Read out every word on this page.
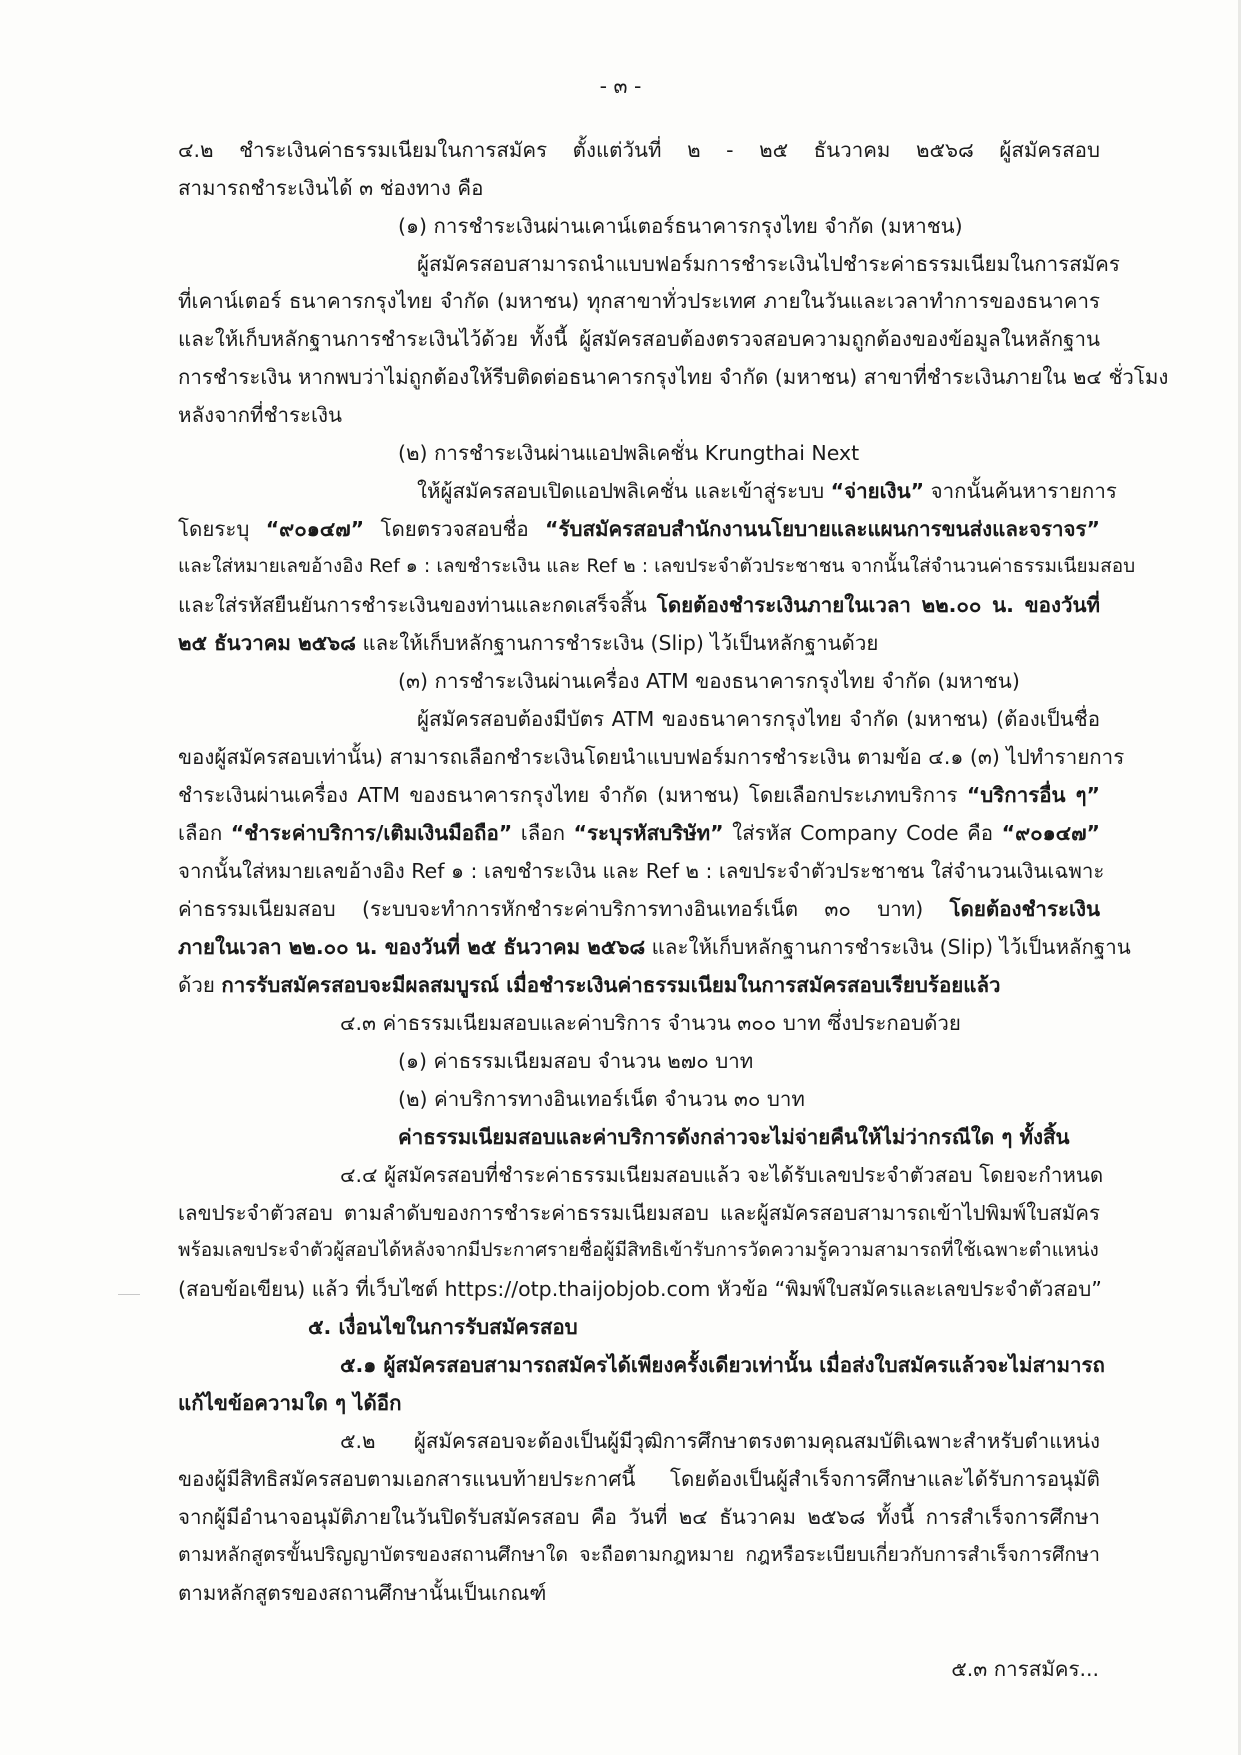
- ๓ -
๔.๒ ชำระเงินค่าธรรมเนียมในการสมัคร ตั้งแต่วันที่ ๒ - ๒๕ ธันวาคม ๒๕๖๘ ผู้สมัครสอบ
สามารถชำระเงินได้ ๓ ช่องทาง คือ
(๑) การชำระเงินผ่านเคาน์เตอร์ธนาคารกรุงไทย จำกัด (มหาชน)
ผู้สมัครสอบสามารถนำแบบฟอร์มการชำระเงินไปชำระค่าธรรมเนียมในการสมัคร
ที่เคาน์เตอร์ ธนาคารกรุงไทย จำกัด (มหาชน) ทุกสาขาทั่วประเทศ ภายในวันและเวลาทำการของธนาคาร
และให้เก็บหลักฐานการชำระเงินไว้ด้วย ทั้งนี้ ผู้สมัครสอบต้องตรวจสอบความถูกต้องของข้อมูลในหลักฐาน
การชำระเงิน หากพบว่าไม่ถูกต้องให้รีบติดต่อธนาคารกรุงไทย จำกัด (มหาชน) สาขาที่ชำระเงินภายใน ๒๔ ชั่วโมง
หลังจากที่ชำระเงิน
(๒) การชำระเงินผ่านแอปพลิเคชั่น Krungthai Next
ให้ผู้สมัครสอบเปิดแอปพลิเคชั่น และเข้าสู่ระบบ “จ่ายเงิน” จากนั้นค้นหารายการ
โดยระบุ “๙๐๑๔๗” โดยตรวจสอบชื่อ “รับสมัครสอบสำนักงานนโยบายและแผนการขนส่งและจราจร”
และใส่หมายเลขอ้างอิง Ref ๑ : เลขชำระเงิน และ Ref ๒ : เลขประจำตัวประชาชน จากนั้นใส่จำนวนค่าธรรมเนียมสอบ
และใส่รหัสยืนยันการชำระเงินของท่านและกดเสร็จสิ้น โดยต้องชำระเงินภายในเวลา ๒๒.๐๐ น. ของวันที่
๒๕ ธันวาคม ๒๕๖๘ และให้เก็บหลักฐานการชำระเงิน (Slip) ไว้เป็นหลักฐานด้วย
(๓) การชำระเงินผ่านเครื่อง ATM ของธนาคารกรุงไทย จำกัด (มหาชน)
ผู้สมัครสอบต้องมีบัตร ATM ของธนาคารกรุงไทย จำกัด (มหาชน) (ต้องเป็นชื่อ
ของผู้สมัครสอบเท่านั้น) สามารถเลือกชำระเงินโดยนำแบบฟอร์มการชำระเงิน ตามข้อ ๔.๑ (๓) ไปทำรายการ
ชำระเงินผ่านเครื่อง ATM ของธนาคารกรุงไทย จำกัด (มหาชน) โดยเลือกประเภทบริการ “บริการอื่น ๆ”
เลือก “ชำระค่าบริการ/เติมเงินมือถือ” เลือก “ระบุรหัสบริษัท” ใส่รหัส Company Code คือ “๙๐๑๔๗”
จากนั้นใส่หมายเลขอ้างอิง Ref ๑ : เลขชำระเงิน และ Ref ๒ : เลขประจำตัวประชาชน ใส่จำนวนเงินเฉพาะ
ค่าธรรมเนียมสอบ (ระบบจะทำการหักชำระค่าบริการทางอินเทอร์เน็ต ๓๐ บาท) โดยต้องชำระเงิน
ภายในเวลา ๒๒.๐๐ น. ของวันที่ ๒๕ ธันวาคม ๒๕๖๘ และให้เก็บหลักฐานการชำระเงิน (Slip) ไว้เป็นหลักฐาน
ด้วย การรับสมัครสอบจะมีผลสมบูรณ์ เมื่อชำระเงินค่าธรรมเนียมในการสมัครสอบเรียบร้อยแล้ว
๔.๓ ค่าธรรมเนียมสอบและค่าบริการ จำนวน ๓๐๐ บาท ซึ่งประกอบด้วย
(๑) ค่าธรรมเนียมสอบ จำนวน ๒๗๐ บาท
(๒) ค่าบริการทางอินเทอร์เน็ต จำนวน ๓๐ บาท
ค่าธรรมเนียมสอบและค่าบริการดังกล่าวจะไม่จ่ายคืนให้ไม่ว่ากรณีใด ๆ ทั้งสิ้น
๔.๔ ผู้สมัครสอบที่ชำระค่าธรรมเนียมสอบแล้ว จะได้รับเลขประจำตัวสอบ โดยจะกำหนด
เลขประจำตัวสอบ ตามลำดับของการชำระค่าธรรมเนียมสอบ และผู้สมัครสอบสามารถเข้าไปพิมพ์ใบสมัคร
พร้อมเลขประจำตัวผู้สอบได้หลังจากมีประกาศรายชื่อผู้มีสิทธิเข้ารับการวัดความรู้ความสามารถที่ใช้เฉพาะตำแหน่ง
(สอบข้อเขียน) แล้ว ที่เว็บไซต์ https://otp.thaijobjob.com หัวข้อ “พิมพ์ใบสมัครและเลขประจำตัวสอบ”
๕. เงื่อนไขในการรับสมัครสอบ
๕.๑ ผู้สมัครสอบสามารถสมัครได้เพียงครั้งเดียวเท่านั้น เมื่อส่งใบสมัครแล้วจะไม่สามารถ
แก้ไขข้อความใด ๆ ได้อีก
๕.๒ ผู้สมัครสอบจะต้องเป็นผู้มีวุฒิการศึกษาตรงตามคุณสมบัติเฉพาะสำหรับตำแหน่ง
ของผู้มีสิทธิสมัครสอบตามเอกสารแนบท้ายประกาศนี้ โดยต้องเป็นผู้สำเร็จการศึกษาและได้รับการอนุมัติ
จากผู้มีอำนาจอนุมัติภายในวันปิดรับสมัครสอบ คือ วันที่ ๒๔ ธันวาคม ๒๕๖๘ ทั้งนี้ การสำเร็จการศึกษา
ตามหลักสูตรขั้นปริญญาบัตรของสถานศึกษาใด จะถือตามกฎหมาย กฎหรือระเบียบเกี่ยวกับการสำเร็จการศึกษา
ตามหลักสูตรของสถานศึกษานั้นเป็นเกณฑ์
๕.๓ การสมัคร...
